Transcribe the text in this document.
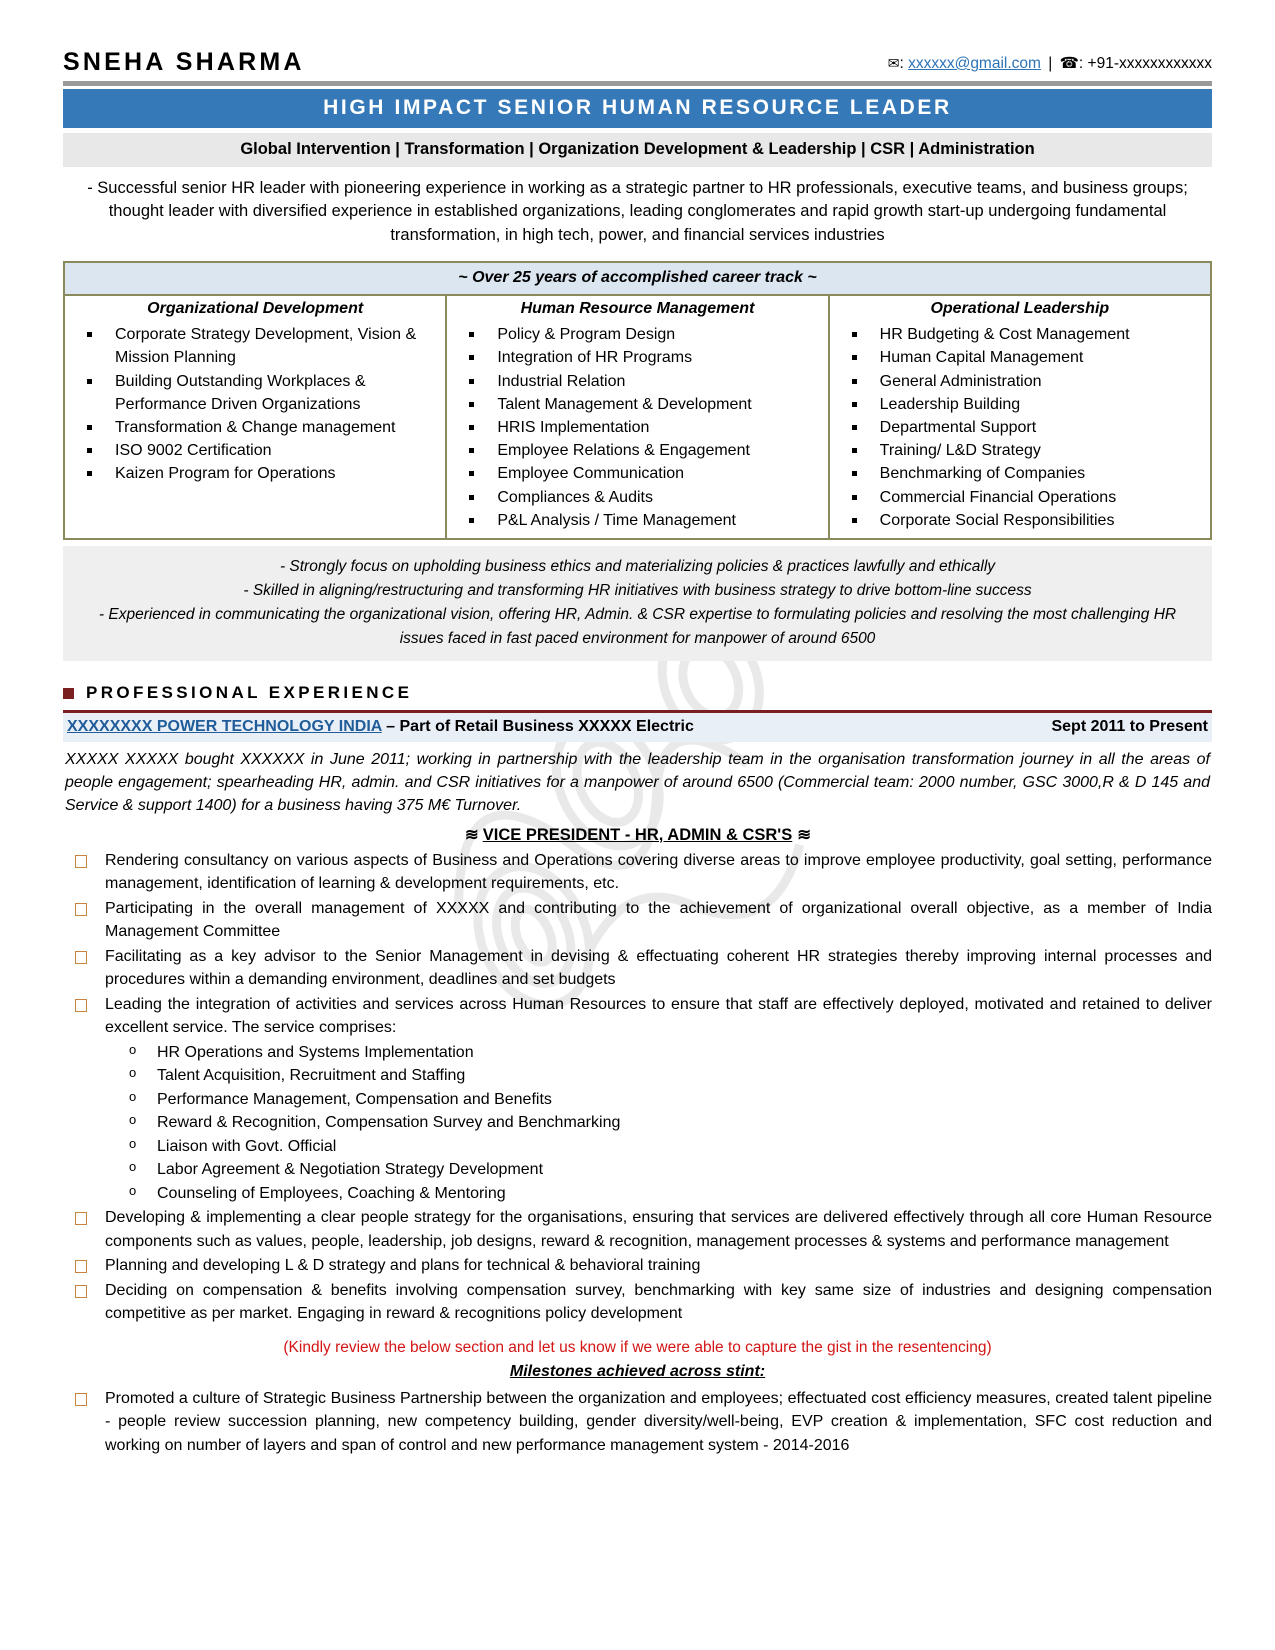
SNEHA SHARMA	✉: xxxxxx@gmail.com | ☎: +91-xxxxxxxxxxxx
HIGH IMPACT SENIOR HUMAN RESOURCE LEADER
Global Intervention | Transformation | Organization Development & Leadership | CSR | Administration
- Successful senior HR leader with pioneering experience in working as a strategic partner to HR professionals, executive teams, and business groups; thought leader with diversified experience in established organizations, leading conglomerates and rapid growth start-up undergoing fundamental transformation, in high tech, power, and financial services industries
~ Over 25 years of accomplished career track ~
Organizational Development
Corporate Strategy Development, Vision & Mission Planning
Building Outstanding Workplaces & Performance Driven Organizations
Transformation & Change management
ISO 9002 Certification
Kaizen Program for Operations
Human Resource Management
Policy & Program Design
Integration of HR Programs
Industrial Relation
Talent Management & Development
HRIS Implementation
Employee Relations & Engagement
Employee Communication
Compliances & Audits
P&L Analysis / Time Management
Operational Leadership
HR Budgeting & Cost Management
Human Capital Management
General Administration
Leadership Building
Departmental Support
Training/ L&D Strategy
Benchmarking of Companies
Commercial Financial Operations
Corporate Social Responsibilities
- Strongly focus on upholding business ethics and materializing policies & practices lawfully and ethically
- Skilled in aligning/restructuring and transforming HR initiatives with business strategy to drive bottom-line success
- Experienced in communicating the organizational vision, offering HR, Admin. & CSR expertise to formulating policies and resolving the most challenging HR issues faced in fast paced environment for manpower of around 6500
PROFESSIONAL EXPERIENCE
XXXXXXXX POWER TECHNOLOGY INDIA – Part of Retail Business XXXXX Electric	Sept 2011 to Present
XXXXX XXXXX bought XXXXXX in June 2011; working in partnership with the leadership team in the organisation transformation journey in all the areas of people engagement; spearheading HR, admin. and CSR initiatives for a manpower of around 6500 (Commercial team: 2000 number, GSC 3000,R & D 145 and Service & support 1400) for a business having 375 M€ Turnover.
≋ VICE PRESIDENT - HR, ADMIN & CSR'S ≋
Rendering consultancy on various aspects of Business and Operations covering diverse areas to improve employee productivity, goal setting, performance management, identification of learning & development requirements, etc.
Participating in the overall management of XXXXX and contributing to the achievement of organizational overall objective, as a member of India Management Committee
Facilitating as a key advisor to the Senior Management in devising & effectuating coherent HR strategies thereby improving internal processes and procedures within a demanding environment, deadlines and set budgets
Leading the integration of activities and services across Human Resources to ensure that staff are effectively deployed, motivated and retained to deliver excellent service. The service comprises:
o HR Operations and Systems Implementation
o Talent Acquisition, Recruitment and Staffing
o Performance Management, Compensation and Benefits
o Reward & Recognition, Compensation Survey and Benchmarking
o Liaison with Govt. Official
o Labor Agreement & Negotiation Strategy Development
o Counseling of Employees, Coaching & Mentoring
Developing & implementing a clear people strategy for the organisations, ensuring that services are delivered effectively through all core Human Resource components such as values, people, leadership, job designs, reward & recognition, management processes & systems and performance management
Planning and developing L & D strategy and plans for technical & behavioral training
Deciding on compensation & benefits involving compensation survey, benchmarking with key same size of industries and designing compensation competitive as per market. Engaging in reward & recognitions policy development
(Kindly review the below section and let us know if we were able to capture the gist in the resentencing)
Milestones achieved across stint:
Promoted a culture of Strategic Business Partnership between the organization and employees; effectuated cost efficiency measures, created talent pipeline - people review succession planning, new competency building, gender diversity/well-being, EVP creation & implementation, SFC cost reduction and working on number of layers and span of control and new performance management system - 2014-2016
